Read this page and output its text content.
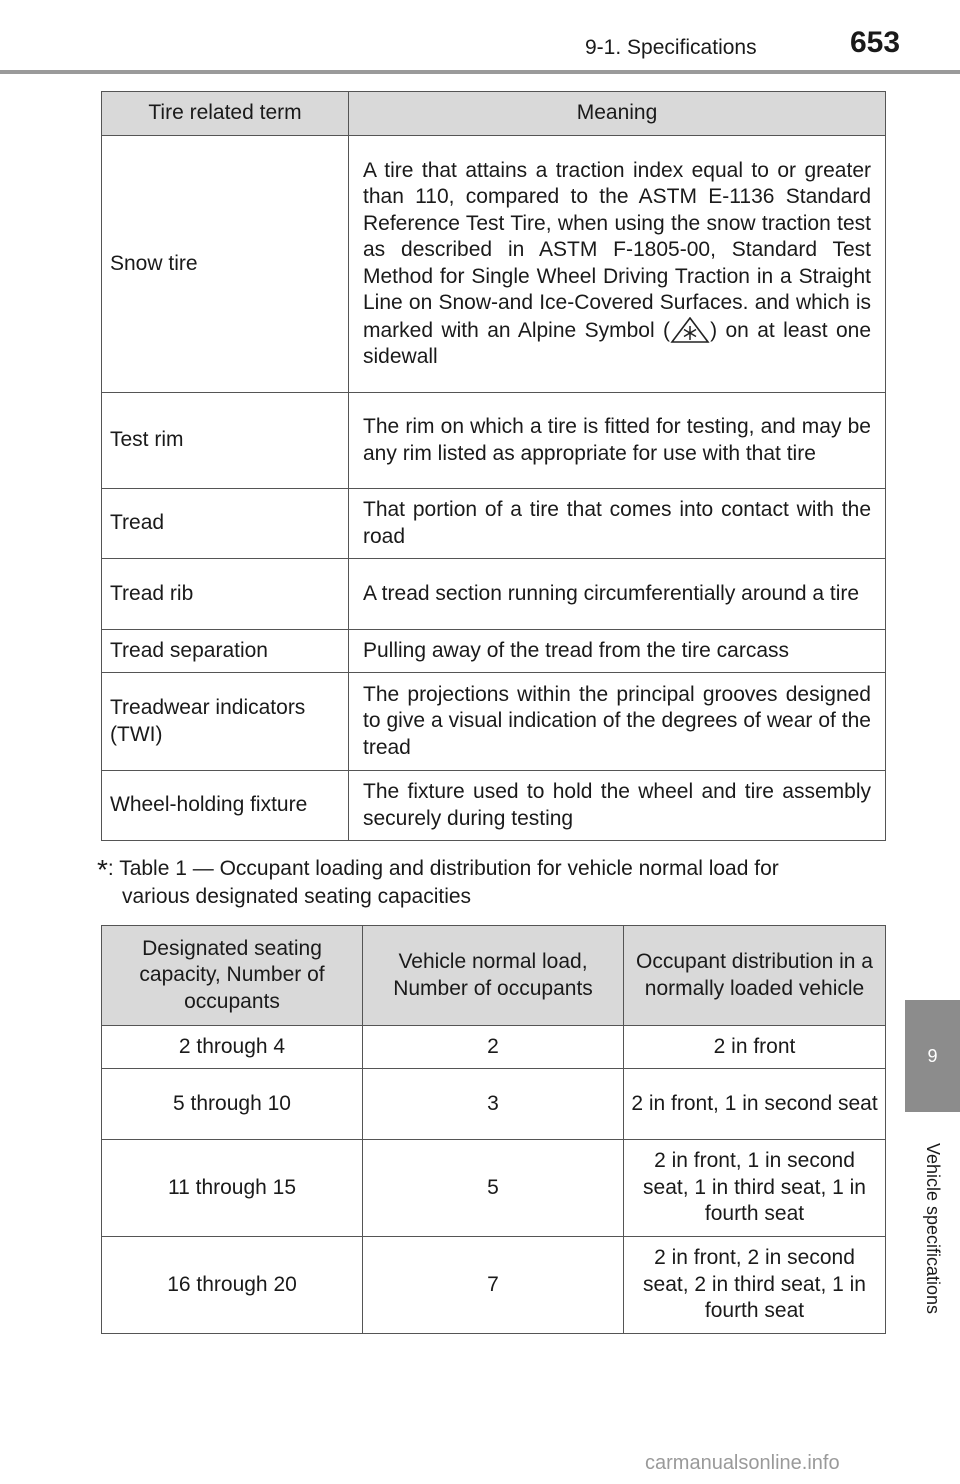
9-1. Specifications	653
9
Vehicle specifications
Tire related term	Meaning
Snow tire	A tire that attains a traction index equal to or greater than 110, compared to the ASTM E-1136 Standard Reference Test Tire, when using the snow traction test as described in ASTM F-1805-00, Standard Test Method for Single Wheel Driving Traction in a Straight Line on Snow-and Ice-Covered Surfaces. and which is marked with an Alpine Symbol ( ) on at least one sidewall
Test rim	The rim on which a tire is fitted for testing, and may be any rim listed as appropriate for use with that tire
Tread	That portion of a tire that comes into contact with the road
Tread rib	A tread section running circumferentially around a tire
Tread separation	Pulling away of the tread from the tire carcass
Treadwear indicators (TWI)	The projections within the principal grooves designed to give a visual indication of the degrees of wear of the tread
Wheel-holding fixture	The fixture used to hold the wheel and tire assembly securely during testing
*: Table 1 — Occupant loading and distribution for vehicle normal load for
various designated seating capacities
Designated seating capacity, Number of occupants	Vehicle normal load, Number of occupants	Occupant distribution in a normally loaded vehicle
2 through 4	2	2 in front
5 through 10	3	2 in front, 1 in second seat
11 through 15	5	2 in front, 1 in second seat, 1 in third seat, 1 in fourth seat
16 through 20	7	2 in front, 2 in second seat, 2 in third seat, 1 in fourth seat
carmanualsonline.info
